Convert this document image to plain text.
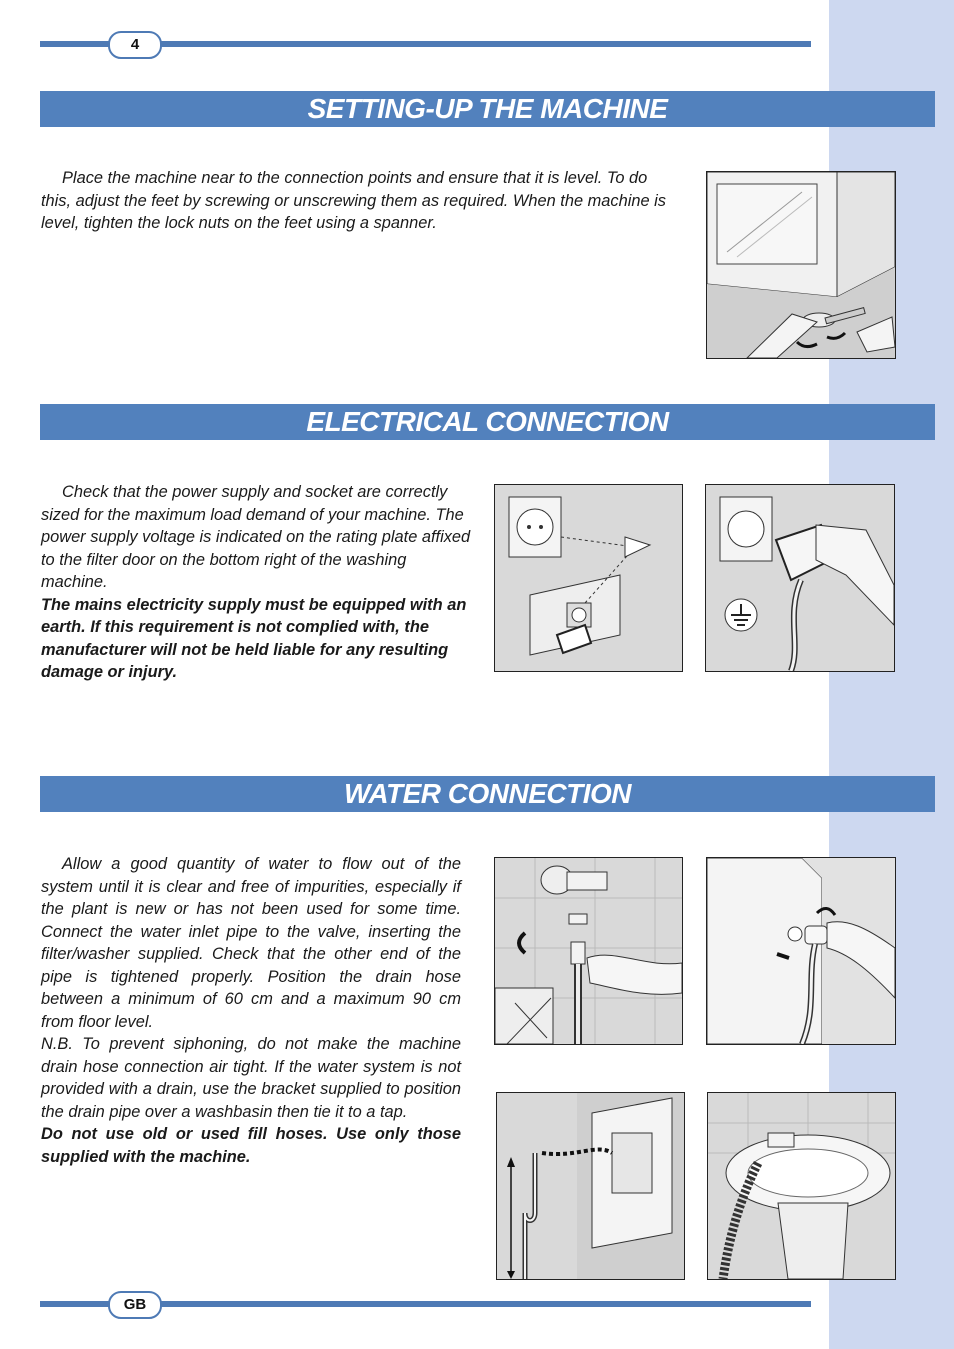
4
SETTING-UP THE MACHINE

Place the machine near to the connection points and ensure that it is level. To do this, adjust the feet by screwing or unscrewing them as required. When the machine is level, tighten the lock nuts on the feet using a spanner.

ELECTRICAL CONNECTION

Check that the power supply and socket are correctly sized for the maximum load demand of your machine. The power supply voltage is indicated on the rating plate affixed to the filter door on the bottom right of the washing machine.
The mains electricity supply must be equipped with an earth. If this requirement is not complied with, the manufacturer will not be held liable for any resulting damage or injury.

WATER CONNECTION

Allow a good quantity of water to flow out of the system until it is clear and free of impurities, especially if the plant is new or has not been used for some time. Connect the water inlet pipe to the valve, inserting the filter/washer supplied. Check that the other end of the pipe is tightened properly. Position the drain hose between a minimum of 60 cm and a maximum 90 cm from floor level.
N.B. To prevent siphoning, do not make the machine drain hose connection air tight. If the water system is not provided with a drain, use the bracket supplied to position the drain pipe over a washbasin then tie it to a tap.
Do not use old or used fill hoses. Use only those supplied with the machine.

GB
